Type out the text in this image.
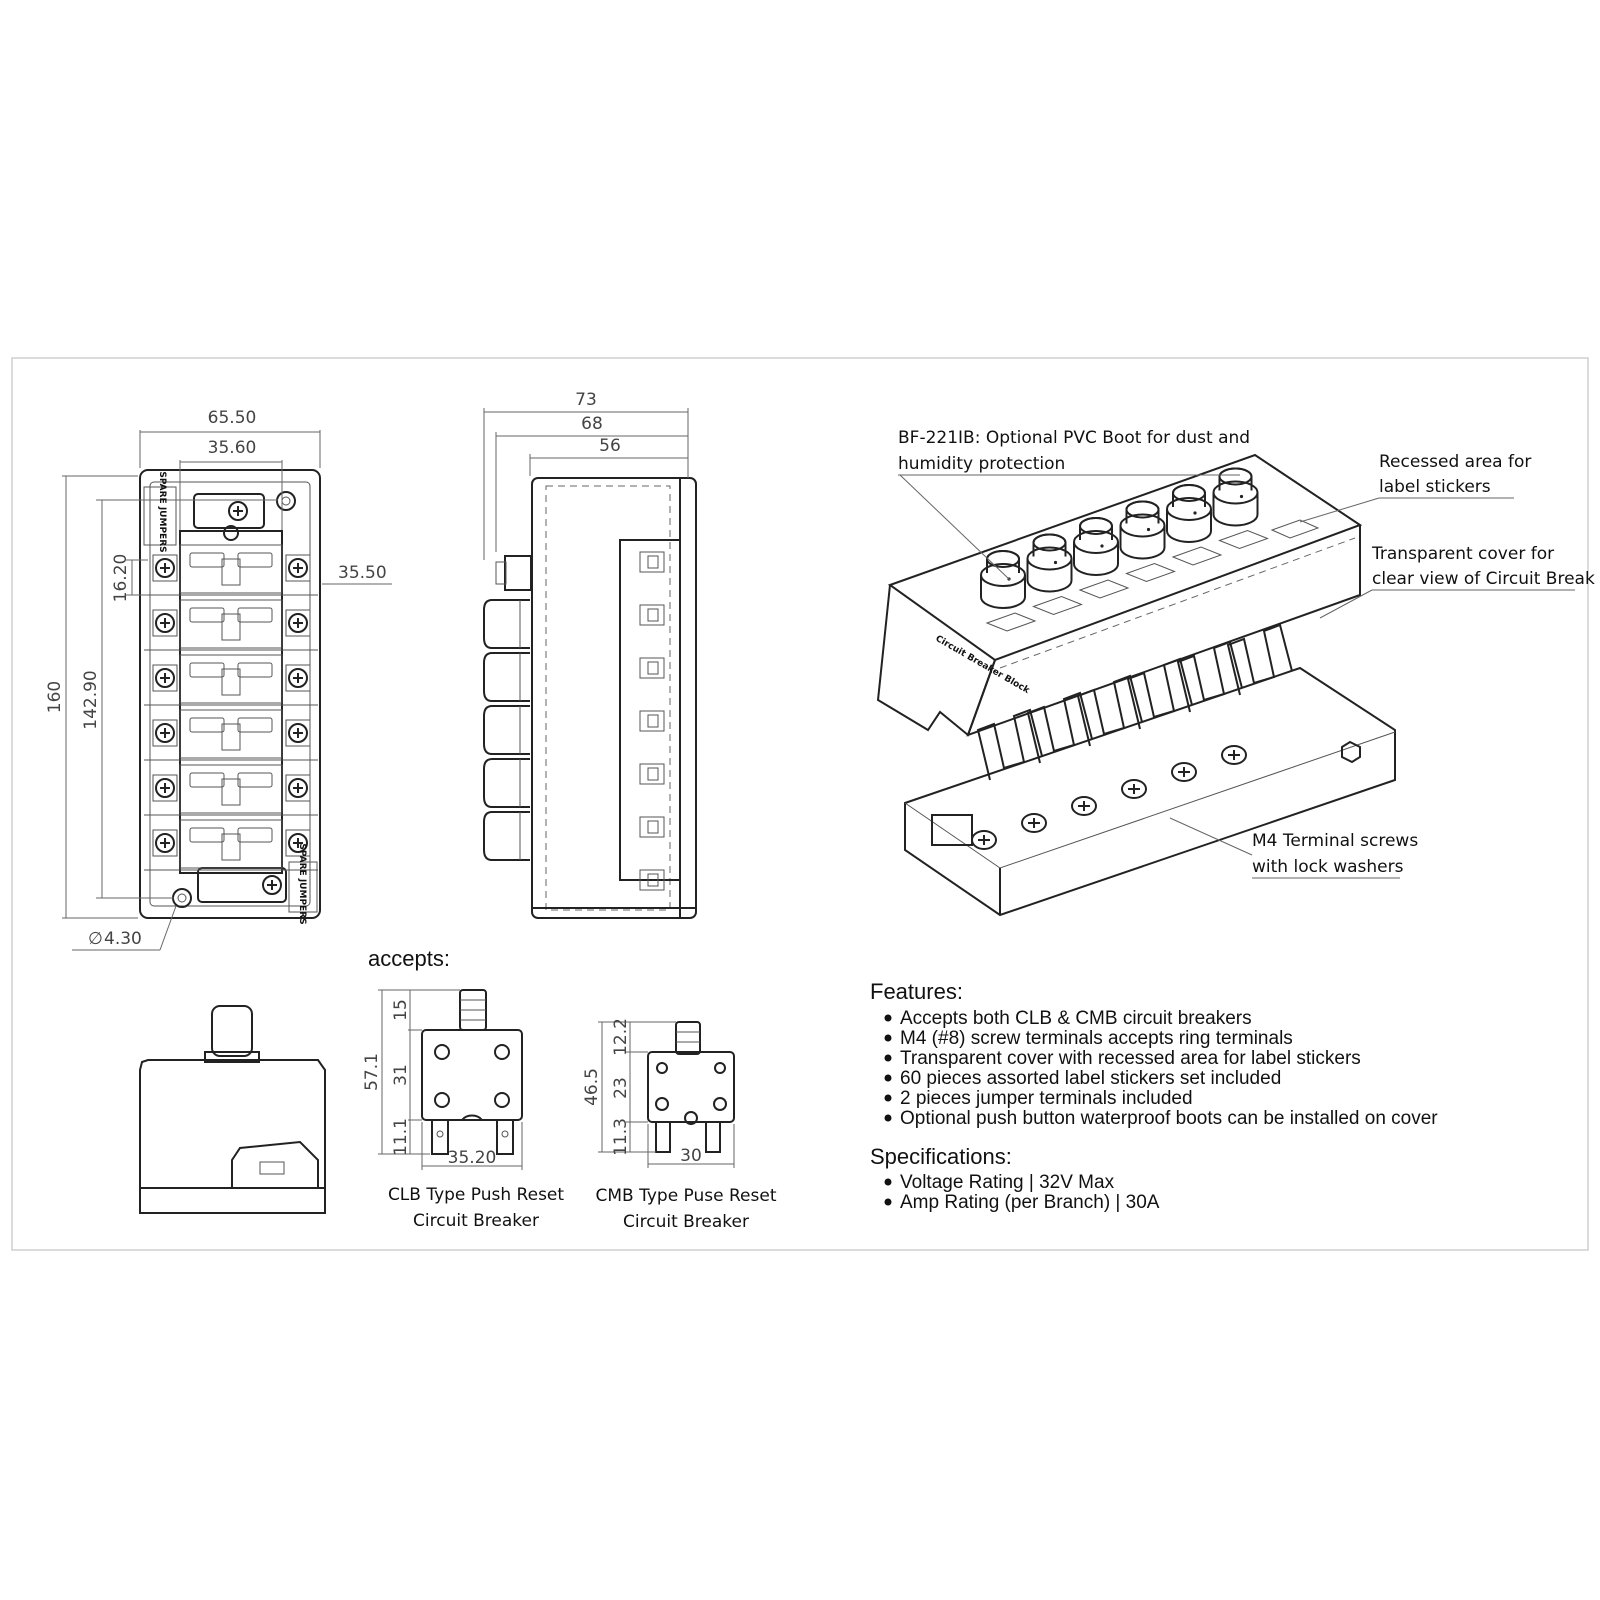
65.50
35.60
35.50
16.20
160 142.90
∅ 4.30
SPARE JUMPERS
SPARE JUMPERS
73
68
56
Circuit Breaker Block
BF-221IB: Optional PVC Boot for dust and
humidity protection	Recessed area for
label stickers
Transparent cover for
clear view of Circuit Break
M4 Terminal screws
with lock washers
accepts:
57.1
15
31
11.1
35.20
CLB Type Push Reset
Circuit Breaker
46.5
12.2
23
11.3
30
CMB Type Puse Reset
Circuit Breaker
Features:
Accepts both CLB & CMB circuit breakers
M4 (#8) screw terminals accepts ring terminals
Transparent cover with recessed area for label stickers
60 pieces assorted label stickers set included
2 pieces jumper terminals included
Optional push button waterproof boots can be installed on cover
Specifications:
Voltage Rating | 32V Max
Amp Rating (per Branch) | 30A
